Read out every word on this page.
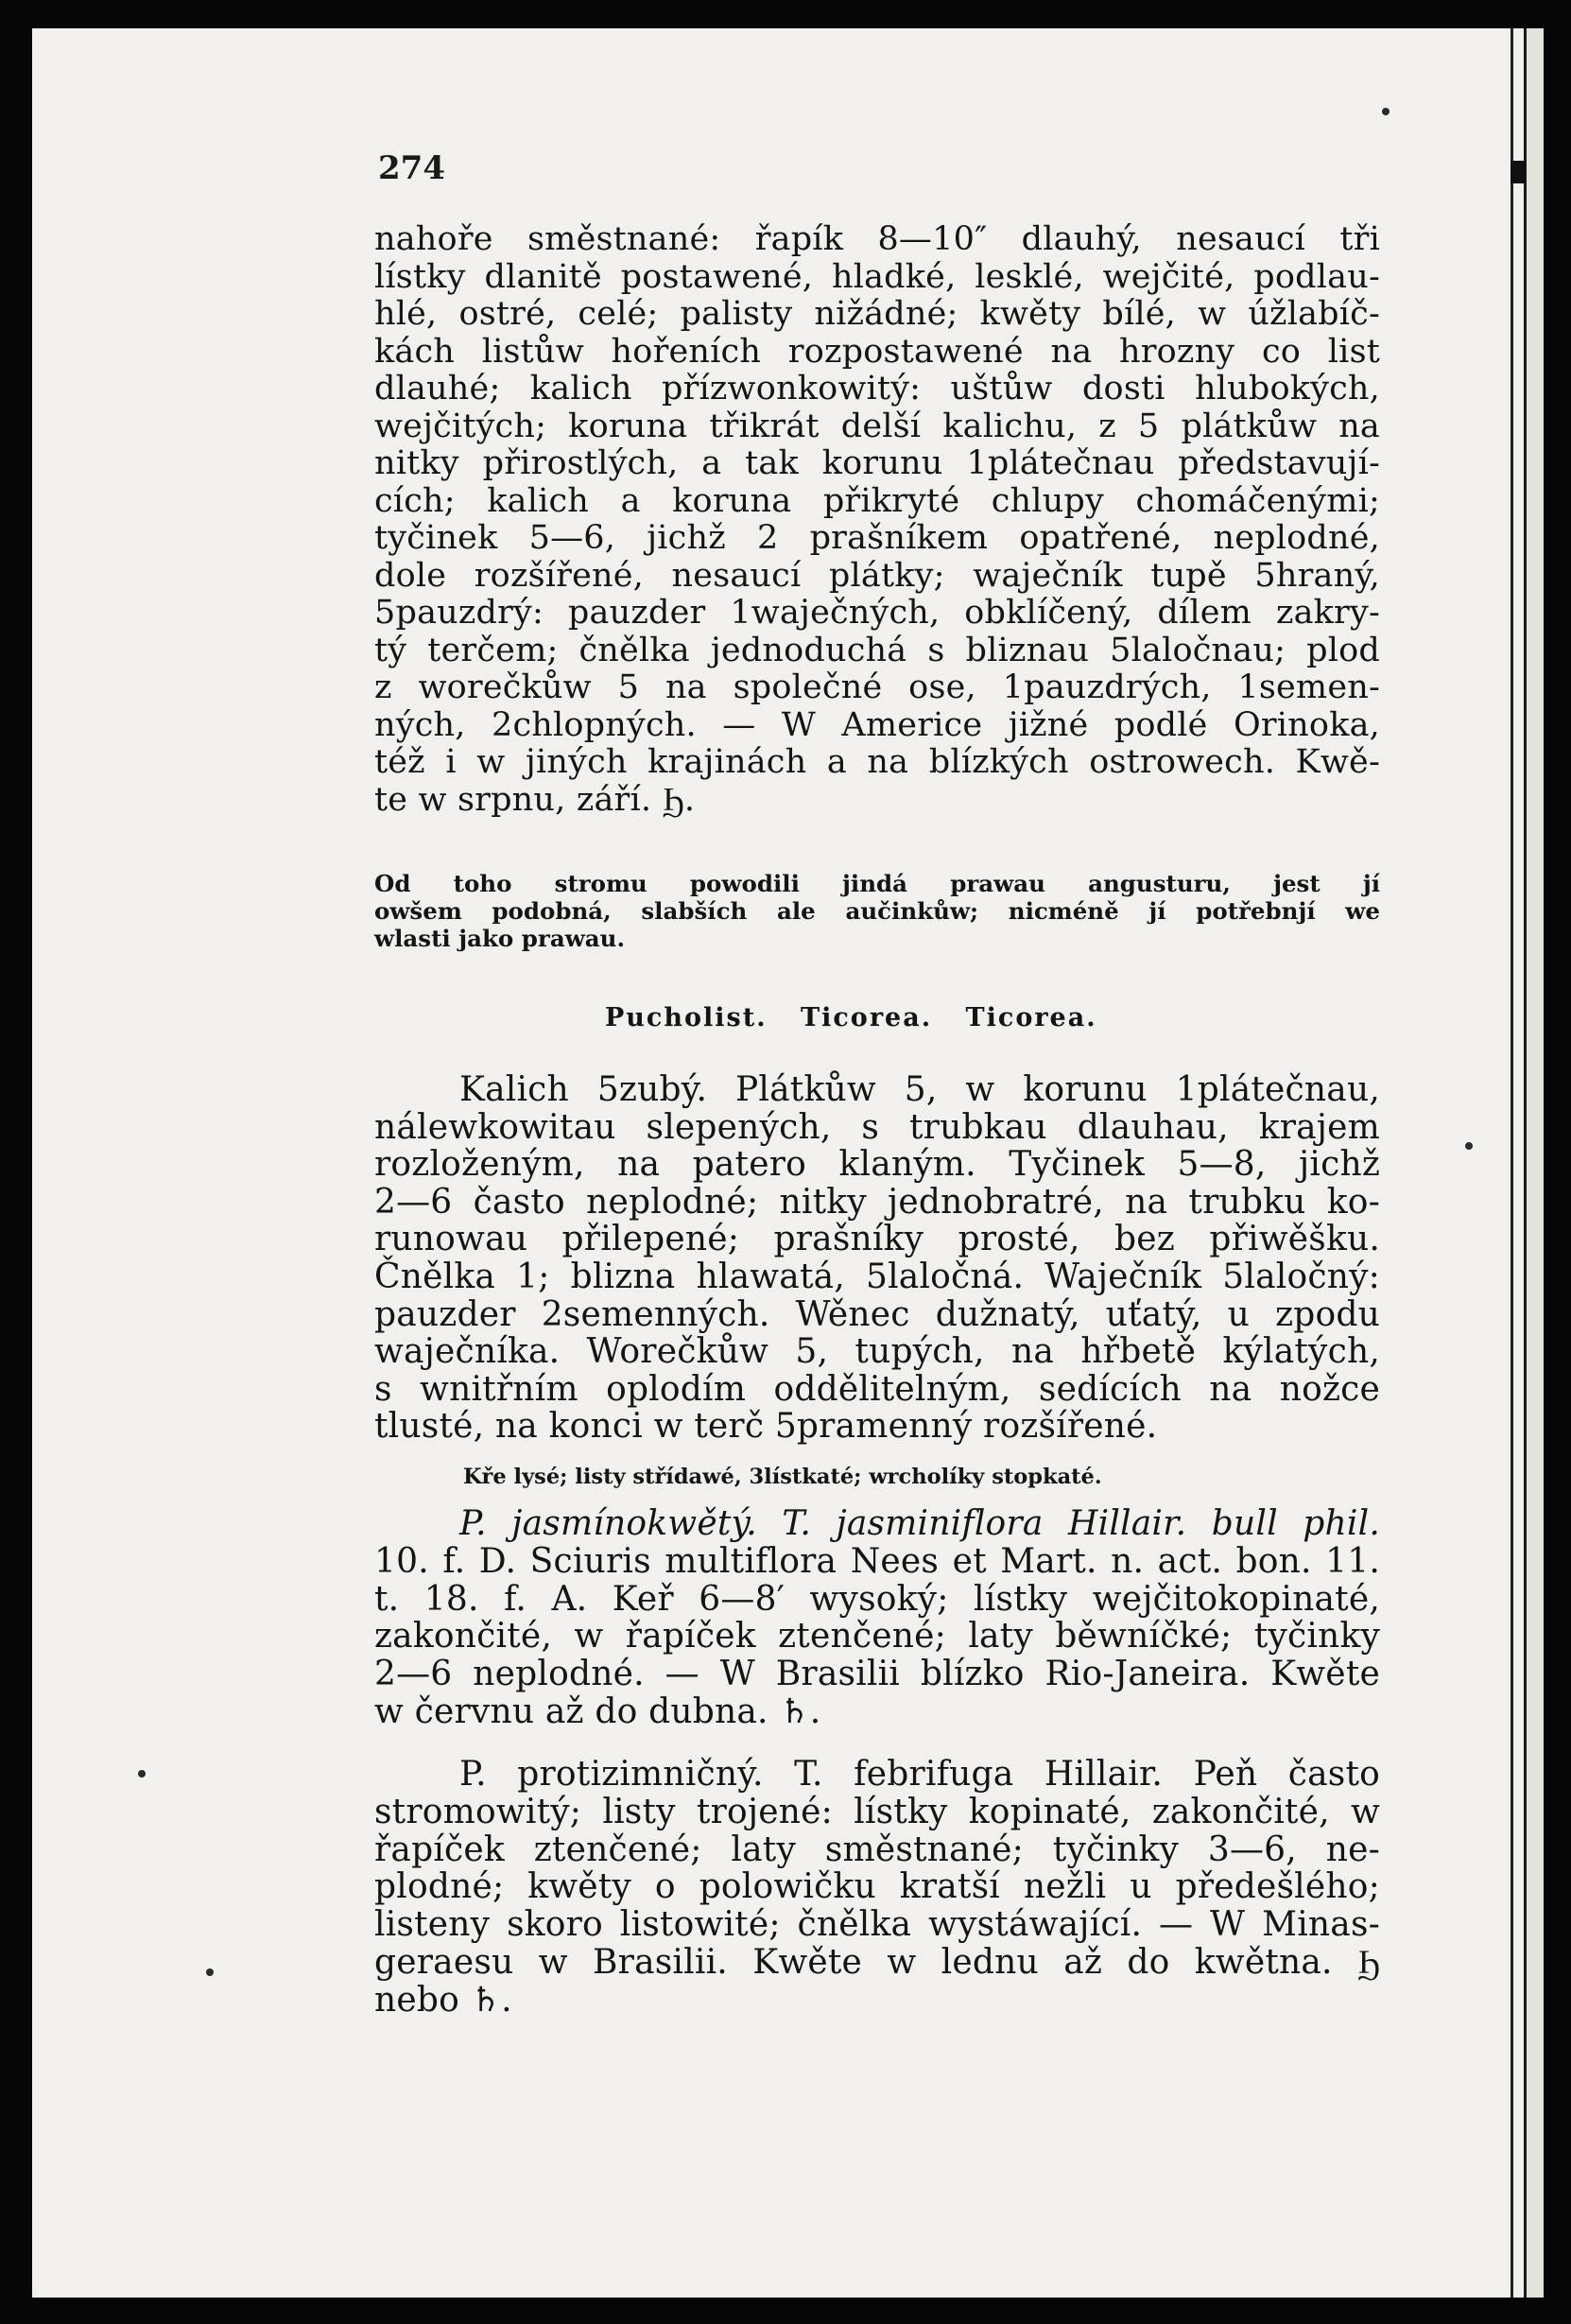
274
nahoře směstnané: řapík 8—10″ dlauhý, nesaucí tři
lístky dlanitě postawené, hladké, lesklé, wejčité, podlau-
hlé, ostré, celé; palisty nižádné; kwěty bílé, w úžlabíč-
kách listůw hořeních rozpostawené na hrozny co list
dlauhé; kalich přízwonkowitý: uštůw dosti hlubokých,
wejčitých; koruna třikrát delší kalichu, z 5 plátkůw na
nitky přirostlých, a tak korunu 1plátečnau představují-
cích; kalich a koruna přikryté chlupy chomáčenými;
tyčinek 5—6, jichž 2 prašníkem opatřené, neplodné,
dole rozšířené, nesaucí plátky; waječník tupě 5hraný,
5pauzdrý: pauzder 1waječných, obklíčený, dílem zakry-
tý terčem; čnělka jednoduchá s bliznau 5laločnau; plod
z worečkůw 5 na společné ose, 1pauzdrých, 1semen-
ných, 2chlopných. — W Americe jižné podlé Orinoka,
též i w jiných krajinách a na blízkých ostrowech. Kwě-
te w srpnu, září. Ϧ.
Od toho stromu powodili jindá prawau angusturu, jest jí
owšem podobná, slabších ale aučinkůw; nicméně jí potřebnjí we
wlasti jako prawau.
Pucholist. Ticorea. Ticorea.
Kalich 5zubý. Plátkůw 5, w korunu 1plátečnau,
nálewkowitau slepených, s trubkau dlauhau, krajem
rozloženým, na patero klaným. Tyčinek 5—8, jichž
2—6 často neplodné; nitky jednobratré, na trubku ko-
runowau přilepené; prašníky prosté, bez přiwěšku.
Čnělka 1; blizna hlawatá, 5laločná. Waječník 5laločný:
pauzder 2semenných. Wěnec dužnatý, uťatý, u zpodu
waječníka. Worečkůw 5, tupých, na hřbetě kýlatých,
s wnitřním oplodím oddělitelným, sedících na nožce
tlusté, na konci w terč 5pramenný rozšířené.
Kře lysé; listy střídawé, 3lístkaté; wrcholíky stopkaté.
P. jasmínokwětý. T. jasminiflora Hillair. bull phil.
10. f. D. Sciuris multiflora Nees et Mart. n. act. bon. 11.
t. 18. f. A. Keř 6—8′ wysoký; lístky wejčitokopinaté,
zakončité, w řapíček ztenčené; laty běwníčké; tyčinky
2—6 neplodné. — W Brasilii blízko Rio-Janeira. Kwěte
w červnu až do dubna. ♄.
P. protizimničný. T. febrifuga Hillair. Peň často
stromowitý; listy trojené: lístky kopinaté, zakončité, w
řapíček ztenčené; laty směstnané; tyčinky 3—6, ne-
plodné; kwěty o polowičku kratší nežli u předešlého;
listeny skoro listowité; čnělka wystáwající. — W Minas-
geraesu w Brasilii. Kwěte w lednu až do kwětna. Ϧ
nebo ♄.
